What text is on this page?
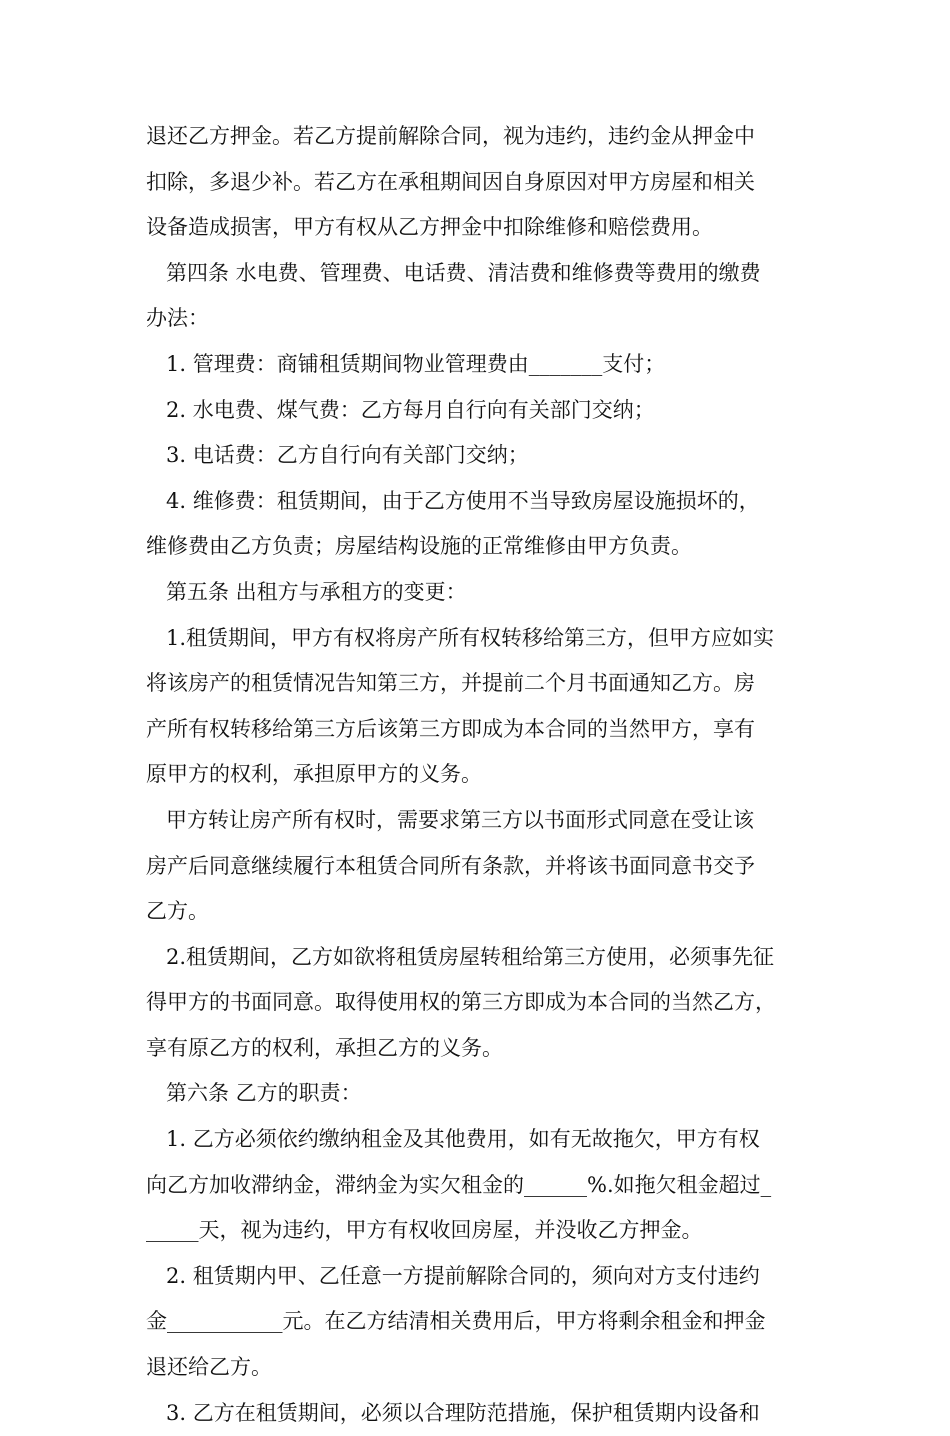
退还乙方押金。若乙方提前解除合同，视为违约，违约金从押金中

扣除，多退少补。若乙方在承租期间因自身原因对甲方房屋和相关

设备造成损害，甲方有权从乙方押金中扣除维修和赔偿费用。

第四条 水电费、管理费、电话费、清洁费和维修费等费用的缴费

办法：

1. 管理费：商铺租赁期间物业管理费由_______支付；

2. 水电费、煤气费：乙方每月自行向有关部门交纳；

3. 电话费：乙方自行向有关部门交纳；

4. 维修费：租赁期间，由于乙方使用不当导致房屋设施损坏的，

维修费由乙方负责；房屋结构设施的正常维修由甲方负责。

第五条 出租方与承租方的变更：

1.租赁期间，甲方有权将房产所有权转移给第三方，但甲方应如实

将该房产的租赁情况告知第三方，并提前二个月书面通知乙方。房

产所有权转移给第三方后该第三方即成为本合同的当然甲方，享有

原甲方的权利，承担原甲方的义务。

甲方转让房产所有权时，需要求第三方以书面形式同意在受让该

房产后同意继续履行本租赁合同所有条款，并将该书面同意书交予

乙方。

2.租赁期间，乙方如欲将租赁房屋转租给第三方使用，必须事先征

得甲方的书面同意。取得使用权的第三方即成为本合同的当然乙方，

享有原乙方的权利，承担乙方的义务。

第六条 乙方的职责：

1. 乙方必须依约缴纳租金及其他费用，如有无故拖欠，甲方有权

向乙方加收滞纳金，滞纳金为实欠租金的______%.如拖欠租金超过_

_____天，视为违约，甲方有权收回房屋，并没收乙方押金。

2. 租赁期内甲、乙任意一方提前解除合同的，须向对方支付违约

金___________元。在乙方结清相关费用后，甲方将剩余租金和押金

退还给乙方。

3. 乙方在租赁期间，必须以合理防范措施，保护租赁期内设备和
